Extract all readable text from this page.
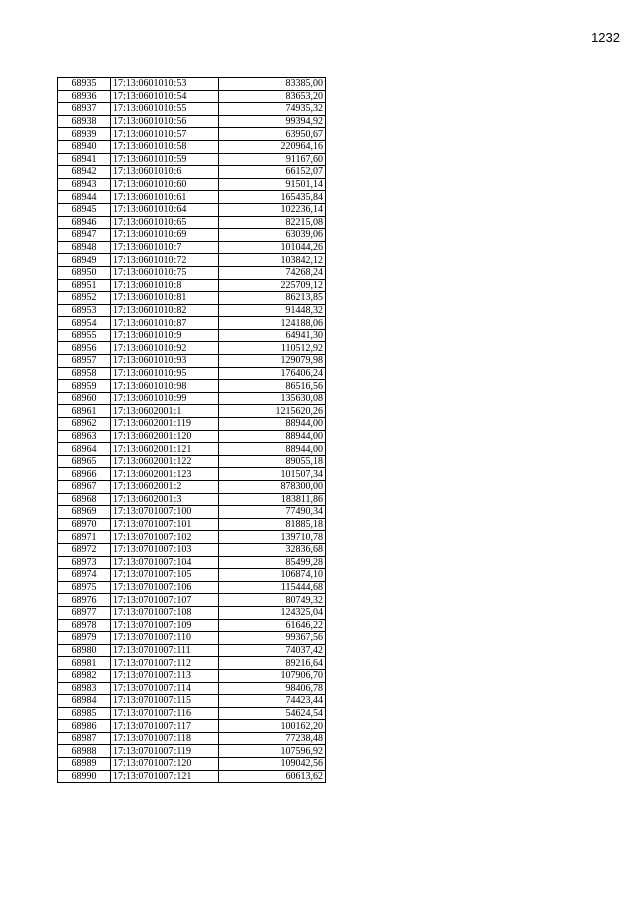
1232
68935	17:13:0601010:53	83385,00
68936	17:13:0601010:54	83653,20
68937	17:13:0601010:55	74935,32
68938	17:13:0601010:56	99394,92
68939	17:13:0601010:57	63950,67
68940	17:13:0601010:58	220964,16
68941	17:13:0601010:59	91167,60
68942	17:13:0601010:6	66152,07
68943	17:13:0601010:60	91501,14
68944	17:13:0601010:61	165435,84
68945	17:13:0601010:64	102236,14
68946	17:13:0601010:65	82215,08
68947	17:13:0601010:69	63039,06
68948	17:13:0601010:7	101044,26
68949	17:13:0601010:72	103842,12
68950	17:13:0601010:75	74268,24
68951	17:13:0601010:8	225709,12
68952	17:13:0601010:81	86213,85
68953	17:13:0601010:82	91448,32
68954	17:13:0601010:87	124188,06
68955	17:13:0601010:9	64941,30
68956	17:13:0601010:92	110512,92
68957	17:13:0601010:93	129079,98
68958	17:13:0601010:95	176406,24
68959	17:13:0601010:98	86516,56
68960	17:13:0601010:99	135630,08
68961	17:13:0602001:1	1215620,26
68962	17:13:0602001:119	88944,00
68963	17:13:0602001:120	88944,00
68964	17:13:0602001:121	88944,00
68965	17:13:0602001:122	89055,18
68966	17:13:0602001:123	101507,34
68967	17:13:0602001:2	878300,00
68968	17:13:0602001:3	183811,86
68969	17:13:0701007:100	77490,34
68970	17:13:0701007:101	81885,18
68971	17:13:0701007:102	139710,78
68972	17:13:0701007:103	32836,68
68973	17:13:0701007:104	85499,28
68974	17:13:0701007:105	106874,10
68975	17:13:0701007:106	115444,68
68976	17:13:0701007:107	80749,32
68977	17:13:0701007:108	124325,04
68978	17:13:0701007:109	61646,22
68979	17:13:0701007:110	99367,56
68980	17:13:0701007:111	74037,42
68981	17:13:0701007:112	89216,64
68982	17:13:0701007:113	107906,70
68983	17:13:0701007:114	98406,78
68984	17:13:0701007:115	74423,44
68985	17:13:0701007:116	54624,54
68986	17:13:0701007:117	100162,20
68987	17:13:0701007:118	77238,48
68988	17:13:0701007:119	107596,92
68989	17:13:0701007:120	109042,56
68990	17:13:0701007:121	60613,62
